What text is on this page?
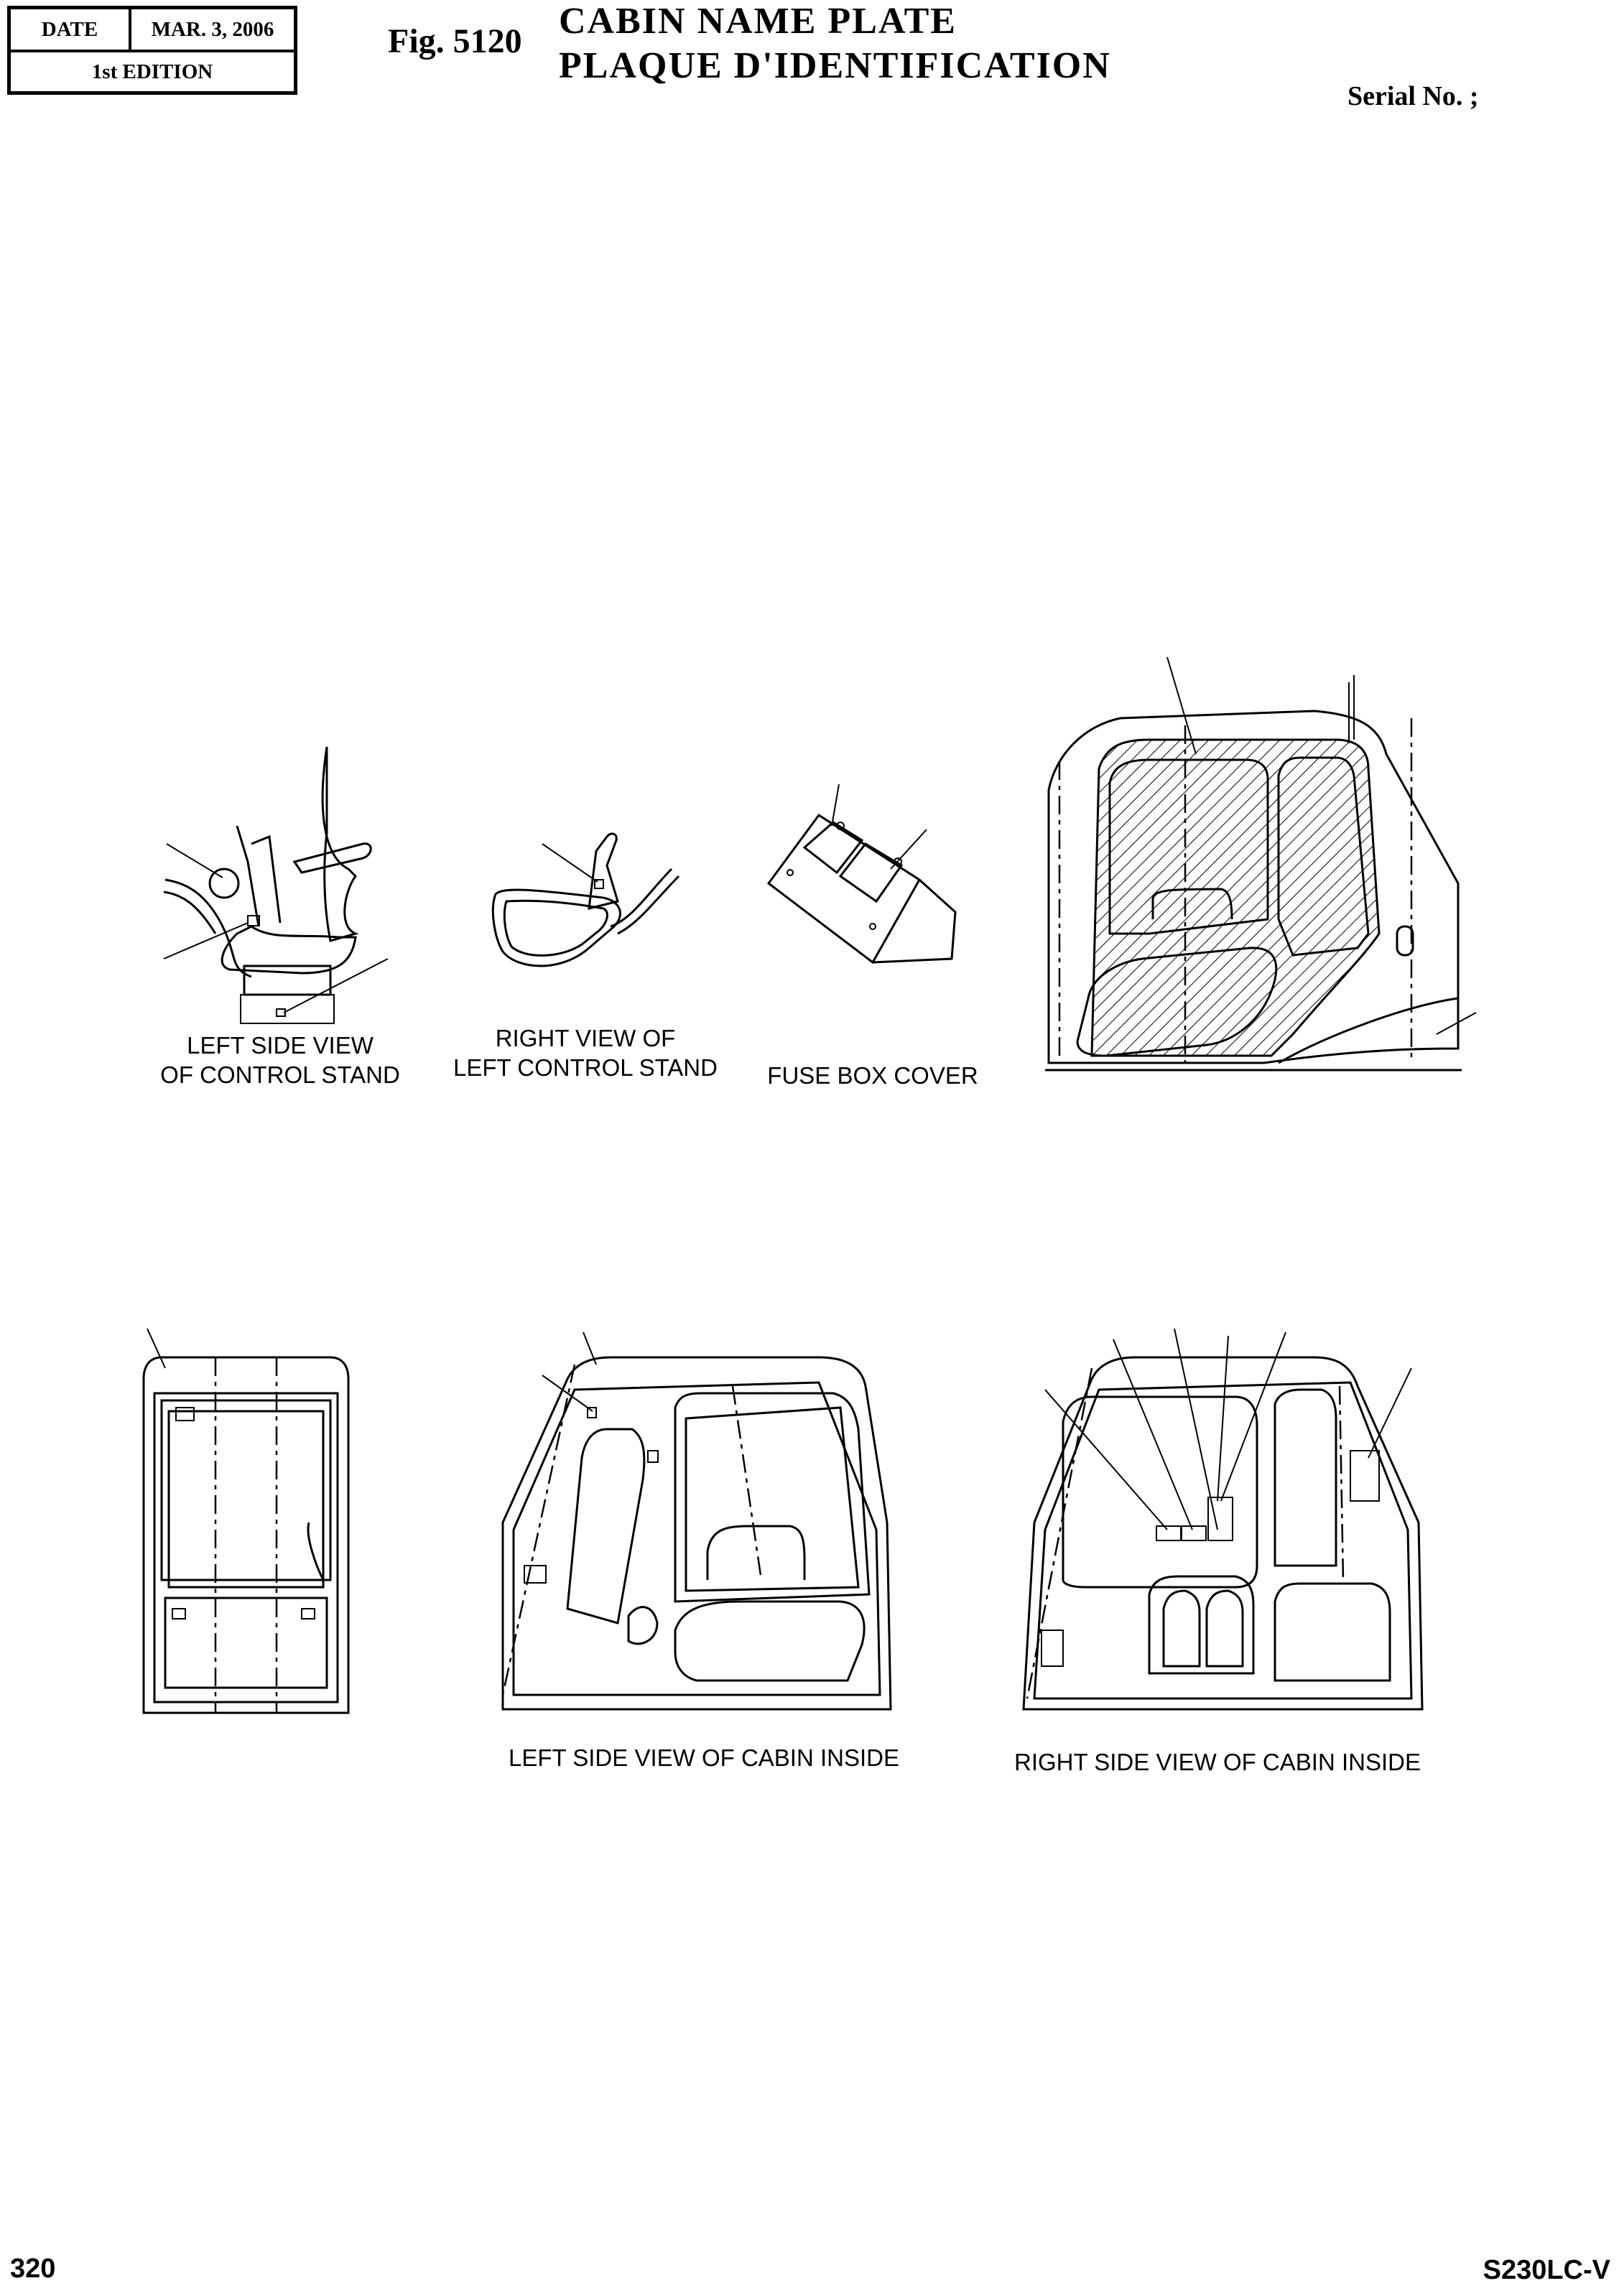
DATE	MAR. 3, 2006
1st EDITION
Fig. 5120 CABIN NAME PLATE
PLAQUE D'IDENTIFICATION
Serial No. ;
LEFT SIDE VIEW
OF CONTROL STAND
RIGHT VIEW OF
LEFT CONTROL STAND	FUSE BOX COVER
LEFT SIDE VIEW OF CABIN INSIDE	RIGHT SIDE VIEW OF CABIN INSIDE
320	S230LC-V
